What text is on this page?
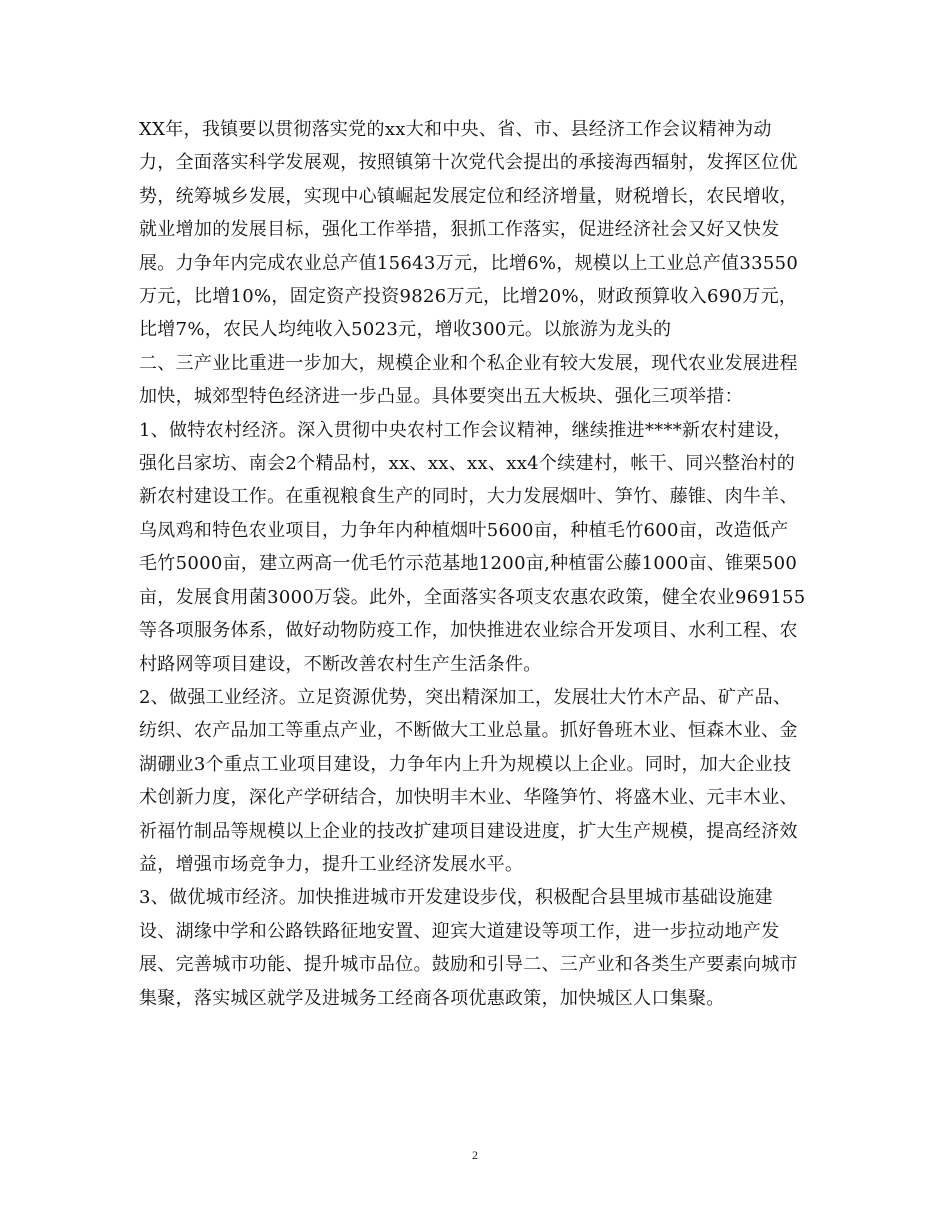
XX年，我镇要以贯彻落实党的xx大和中央、省、市、县经济工作会议精神为动
力，全面落实科学发展观，按照镇第十次党代会提出的承接海西辐射，发挥区位优
势，统筹城乡发展，实现中心镇崛起发展定位和经济增量，财税增长，农民增收，
就业增加的发展目标，强化工作举措，狠抓工作落实，促进经济社会又好又快发
展。力争年内完成农业总产值15643万元，比增6%，规模以上工业总产值33550
万元，比增10%，固定资产投资9826万元，比增20%，财政预算收入690万元，
比增7%，农民人均纯收入5023元，增收300元。以旅游为龙头的

二、三产业比重进一步加大，规模企业和个私企业有较大发展，现代农业发展进程
加快，城郊型特色经济进一步凸显。具体要突出五大板块、强化三项举措：

1、做特农村经济。深入贯彻中央农村工作会议精神，继续推进****新农村建设，
强化吕家坊、南会2个精品村，xx、xx、xx、xx4个续建村，帐干、同兴整治村的
新农村建设工作。在重视粮食生产的同时，大力发展烟叶、笋竹、藤锥、肉牛羊、
乌凤鸡和特色农业项目，力争年内种植烟叶5600亩，种植毛竹600亩，改造低产
毛竹5000亩，建立两高一优毛竹示范基地1200亩,种植雷公藤1000亩、锥栗500
亩，发展食用菌3000万袋。此外，全面落实各项支农惠农政策，健全农业969155
等各项服务体系，做好动物防疫工作，加快推进农业综合开发项目、水利工程、农
村路网等项目建设，不断改善农村生产生活条件。

2、做强工业经济。立足资源优势，突出精深加工，发展壮大竹木产品、矿产品、
纺织、农产品加工等重点产业，不断做大工业总量。抓好鲁班木业、恒森木业、金
湖硼业3个重点工业项目建设，力争年内上升为规模以上企业。同时，加大企业技
术创新力度，深化产学研结合，加快明丰木业、华隆笋竹、将盛木业、元丰木业、
祈福竹制品等规模以上企业的技改扩建项目建设进度，扩大生产规模，提高经济效
益，增强市场竞争力，提升工业经济发展水平。

3、做优城市经济。加快推进城市开发建设步伐，积极配合县里城市基础设施建
设、湖缘中学和公路铁路征地安置、迎宾大道建设等项工作，进一步拉动地产发
展、完善城市功能、提升城市品位。鼓励和引导二、三产业和各类生产要素向城市
集聚，落实城区就学及进城务工经商各项优惠政策，加快城区人口集聚。

2
